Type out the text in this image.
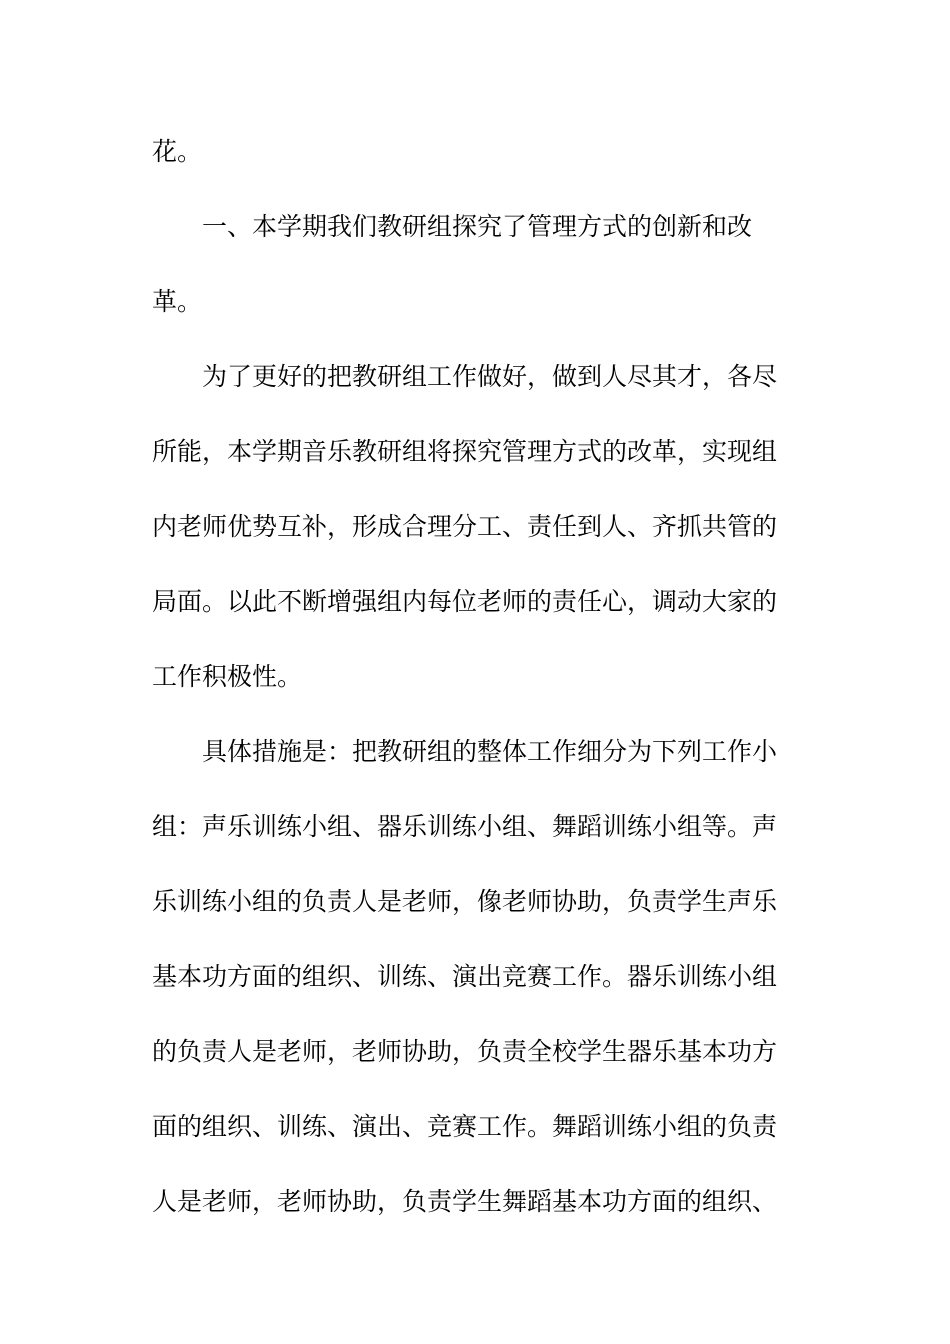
花。
一、本学期我们教研组探究了管理方式的创新和改
革。
为了更好的把教研组工作做好，做到人尽其才，各尽
所能，本学期音乐教研组将探究管理方式的改革，实现组
内老师优势互补，形成合理分工、责任到人、齐抓共管的
局面。以此不断增强组内每位老师的责任心，调动大家的
工作积极性。
具体措施是：把教研组的整体工作细分为下列工作小
组：声乐训练小组、器乐训练小组、舞蹈训练小组等。声
乐训练小组的负责人是老师，像老师协助，负责学生声乐
基本功方面的组织、训练、演出竞赛工作。器乐训练小组
的负责人是老师，老师协助，负责全校学生器乐基本功方
面的组织、训练、演出、竞赛工作。舞蹈训练小组的负责
人是老师，老师协助，负责学生舞蹈基本功方面的组织、
